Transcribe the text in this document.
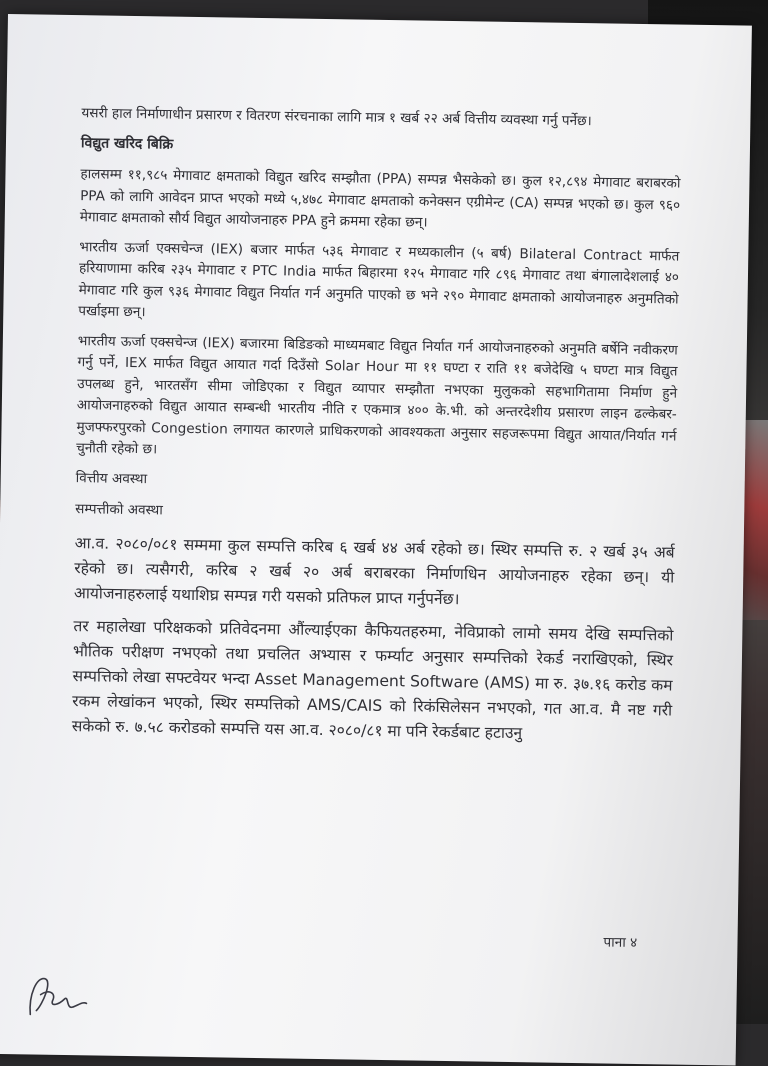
यसरी हाल निर्माणाधीन प्रसारण र वितरण संरचनाका लागि मात्र १ खर्ब २२ अर्ब वित्तीय व्यवस्था गर्नु पर्नेछ।

विद्युत खरिद बिक्रि

हालसम्म ११,९८५ मेगावाट क्षमताको विद्युत खरिद सम्झौता (PPA) सम्पन्न भैसकेको छ। कुल १२,८९४ मेगावाट बराबरको PPA को लागि आवेदन प्राप्त भएको मध्ये ५,४७८ मेगावाट क्षमताको कनेक्सन एग्रीमेन्ट (CA) सम्पन्न भएको छ। कुल ९६० मेगावाट क्षमताको सौर्य विद्युत आयोजनाहरु PPA हुने क्रममा रहेका छन्।

भारतीय ऊर्जा एक्सचेन्ज (IEX) बजार मार्फत ५३६ मेगावाट र मध्यकालीन (५ बर्ष) Bilateral Contract मार्फत हरियाणामा करिब २३५ मेगावाट र PTC India मार्फत बिहारमा १२५ मेगावाट गरि ८९६ मेगावाट तथा बंगालादेशलाई ४० मेगावाट गरि कुल ९३६ मेगावाट विद्युत निर्यात गर्न अनुमति पाएको छ भने २९० मेगावाट क्षमताको आयोजनाहरु अनुमतिको पर्खाइमा छन्।

भारतीय ऊर्जा एक्सचेन्ज (IEX) बजारमा बिडिङको माध्यमबाट विद्युत निर्यात गर्न आयोजनाहरुको अनुमति बर्षेनि नवीकरण गर्नु पर्ने, IEX मार्फत विद्युत आयात गर्दा दिउँसो Solar Hour मा ११ घण्टा र राति ११ बजेदेखि ५ घण्टा मात्र विद्युत उपलब्ध हुने, भारतसँग सीमा जोडिएका र विद्युत व्यापार सम्झौता नभएका मुलुकको सहभागितामा निर्माण हुने आयोजनाहरुको विद्युत आयात सम्बन्धी भारतीय नीति र एकमात्र ४०० के.भी. को अन्तरदेशीय प्रसारण लाइन ढल्केबर-मुजफ्फरपुरको Congestion लगायत कारणले प्राधिकरणको आवश्यकता अनुसार सहजरूपमा विद्युत आयात/निर्यात गर्न चुनौती रहेको छ।

वित्तीय अवस्था

सम्पत्तीको अवस्था

आ.व. २०८०/०८१ सम्ममा कुल सम्पत्ति करिब ६ खर्ब ४४ अर्ब रहेको छ। स्थिर सम्पत्ति रु. २ खर्ब ३५ अर्ब रहेको छ। त्यसैगरी, करिब २ खर्ब २० अर्ब बराबरका निर्माणधिन आयोजनाहरु रहेका छन्। यी आयोजनाहरुलाई यथाशिघ्र सम्पन्न गरी यसको प्रतिफल प्राप्त गर्नुपर्नेछ।

तर महालेखा परिक्षकको प्रतिवेदनमा औंल्याईएका कैफियतहरुमा, नेविप्राको लामो समय देखि सम्पत्तिको भौतिक परीक्षण नभएको तथा प्रचलित अभ्यास र फर्म्याट अनुसार सम्पत्तिको रेकर्ड नराखिएको, स्थिर सम्पत्तिको लेखा सफ्टवेयर भन्दा Asset Management Software (AMS) मा रु. ३७.१६ करोड कम रकम लेखांकन भएको, स्थिर सम्पत्तिको AMS/CAIS को रिकंसिलेसन नभएको, गत आ.व. मै नष्ट गरी सकेको रु. ७.५८ करोडको सम्पत्ति यस आ.व. २०८०/८१ मा पनि रेकर्डबाट हटाउनु

पाना ४
